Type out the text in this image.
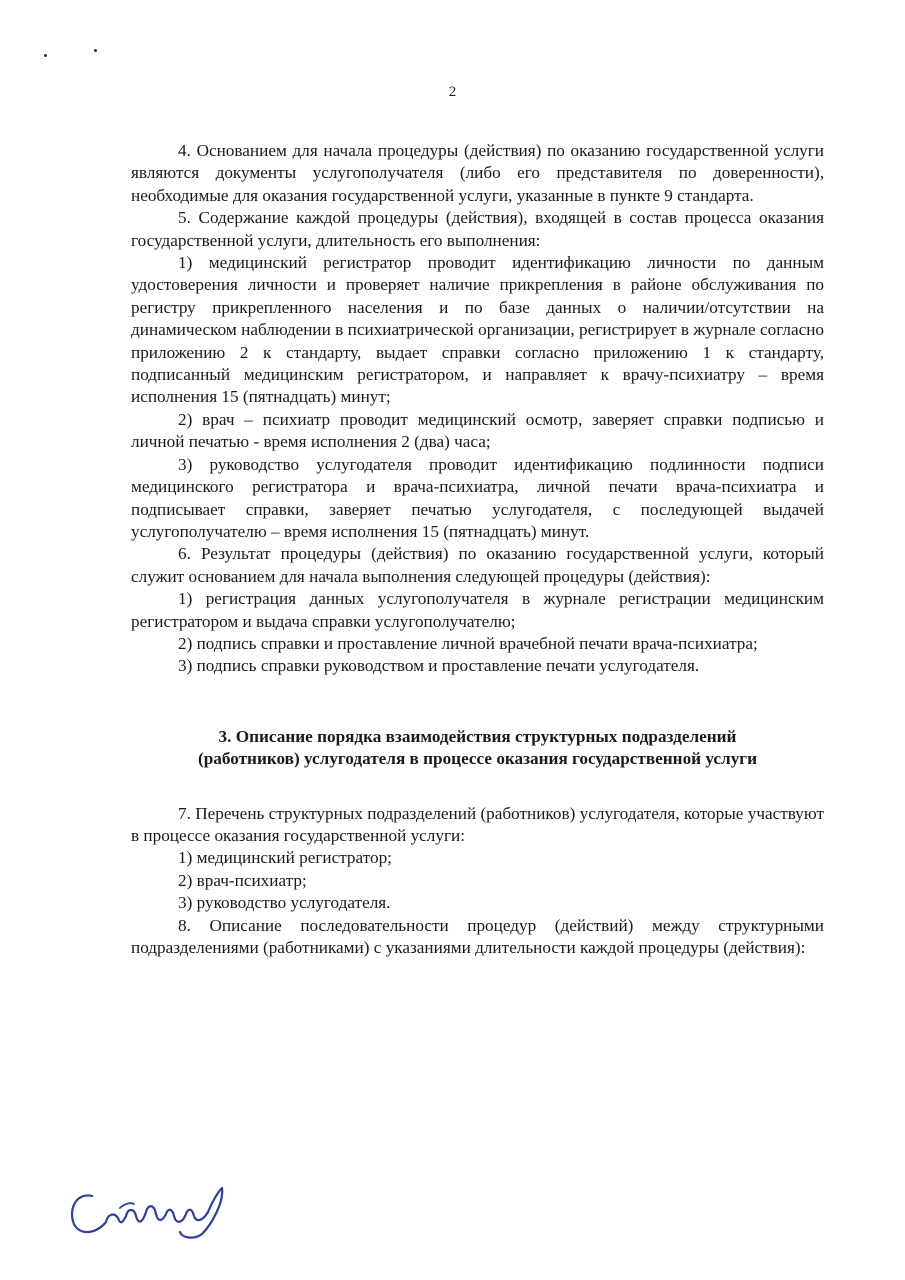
2

4. Основанием для начала процедуры (действия) по оказанию государственной услуги являются документы услугополучателя (либо его представителя по доверенности), необходимые для оказания государственной услуги, указанные в пункте 9 стандарта.

5. Содержание каждой процедуры (действия), входящей в состав процесса оказания государственной услуги, длительность его выполнения:

1) медицинский регистратор проводит идентификацию личности по данным удостоверения личности и проверяет наличие прикрепления в районе обслуживания по регистру прикрепленного населения и по базе данных о наличии/отсутствии на динамическом наблюдении в психиатрической организации, регистрирует в журнале согласно приложению 2 к стандарту, выдает справки согласно приложению 1 к стандарту, подписанный медицинским регистратором, и направляет к врачу-психиатру – время исполнения 15 (пятнадцать) минут;

2) врач – психиатр проводит медицинский осмотр, заверяет справки подписью и личной печатью - время исполнения 2 (два) часа;

3) руководство услугодателя проводит идентификацию подлинности подписи медицинского регистратора и врача-психиатра, личной печати врача-психиатра и подписывает справки, заверяет печатью услугодателя, с последующей выдачей услугополучателю – время исполнения 15 (пятнадцать) минут.

6. Результат процедуры (действия) по оказанию государственной услуги, который служит основанием для начала выполнения следующей процедуры (действия):

1) регистрация данных услугополучателя в журнале регистрации медицинским регистратором и выдача справки услугополучателю;

2) подпись справки и проставление личной врачебной печати врача-психиатра;

3) подпись справки руководством и проставление печати услугодателя.

3. Описание порядка взаимодействия структурных подразделений
(работников) услугодателя в процессе оказания государственной услуги

7. Перечень структурных подразделений (работников) услугодателя, которые участвуют в процессе оказания государственной услуги:

1) медицинский регистратор;

2) врач-психиатр;

3) руководство услугодателя.

8. Описание последовательности процедур (действий) между структурными подразделениями (работниками) с указаниями длительности каждой процедуры (действия):
